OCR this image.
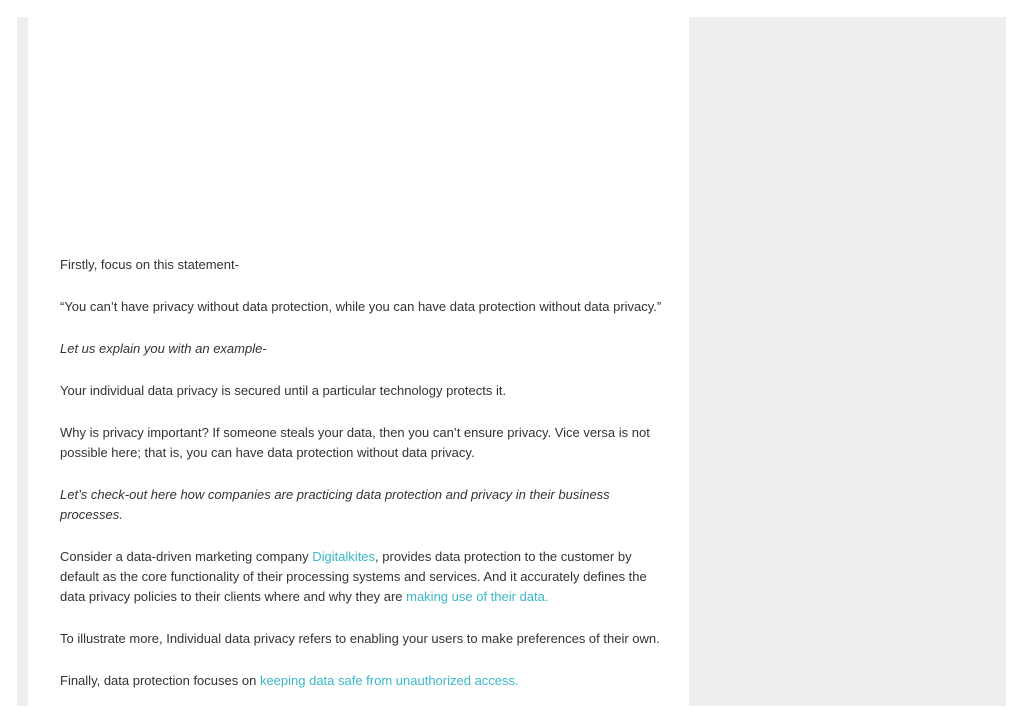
Firstly, focus on this statement-

“You can’t have privacy without data protection, while you can have data protection without data privacy.”

Let us explain you with an example-

Your individual data privacy is secured until a particular technology protects it.

Why is privacy important? If someone steals your data, then you can’t ensure privacy. Vice versa is not possible here; that is, you can have data protection without data privacy.

Let’s check-out here how companies are practicing data protection and privacy in their business processes.

Consider a data-driven marketing company Digitalkites, provides data protection to the customer by default as the core functionality of their processing systems and services. And it accurately defines the data privacy policies to their clients where and why they are making use of their data.

To illustrate more, Individual data privacy refers to enabling your users to make preferences of their own.

Finally, data protection focuses on keeping data safe from unauthorized access.
